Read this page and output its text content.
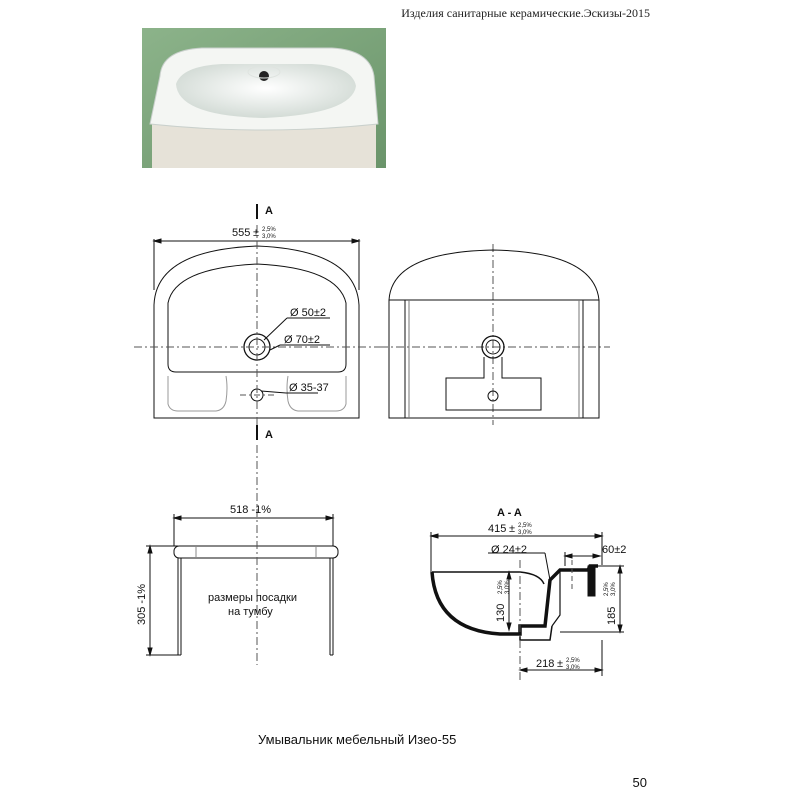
Изделия санитарные керамические.Эскизы-2015
A
A
555 ± 2,5%
3,0%
Ø 50±2
Ø 70±2
Ø 35-37
518 -1%
305 -1%	размеры посадки
на тумбу
A - A
415 ± 2,5%
3,0%
Ø 24±2	60±2
130
2,5% 3,0%
185
2,5% 3,0%
218 ± 2,5%
3,0%
Умывальник мебельный Изео-55
50
